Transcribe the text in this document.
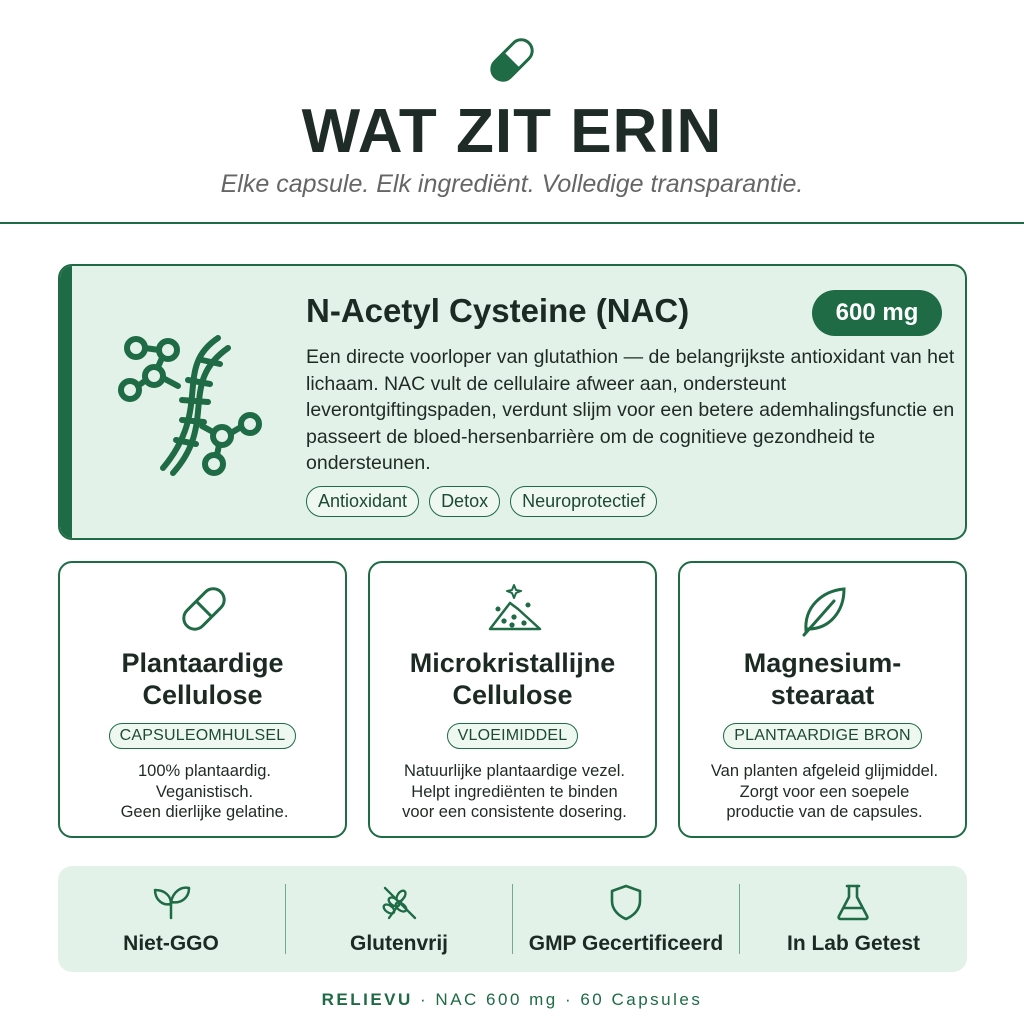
WAT ZIT ERIN
Elke capsule. Elk ingrediënt. Volledige transparantie.
N-Acetyl Cysteine (NAC)	600 mg
Een directe voorloper van glutathion — de belangrijkste antioxidant van het lichaam. NAC vult de cellulaire afweer aan, ondersteunt leverontgiftingspaden, verdunt slijm voor een betere ademhalingsfunctie en passeert de bloed-hersenbarrière om de cognitieve gezondheid te ondersteunen.
Antioxidant	Detox	Neuroprotectief
Plantaardige
Cellulose
CAPSULEOMHULSEL
100% plantaardig.
Veganistisch.
Geen dierlijke gelatine.
Microkristallijne
Cellulose
VLOEIMIDDEL
Natuurlijke plantaardige vezel.
Helpt ingrediënten te binden
voor een consistente dosering.
Magnesium-
stearaat
PLANTAARDIGE BRON
Van planten afgeleid glijmiddel.
Zorgt voor een soepele
productie van de capsules.
Niet-GGO	Glutenvrij	GMP Gecertificeerd	In Lab Getest
RELIEVU · NAC 600 mg · 60 Capsules
